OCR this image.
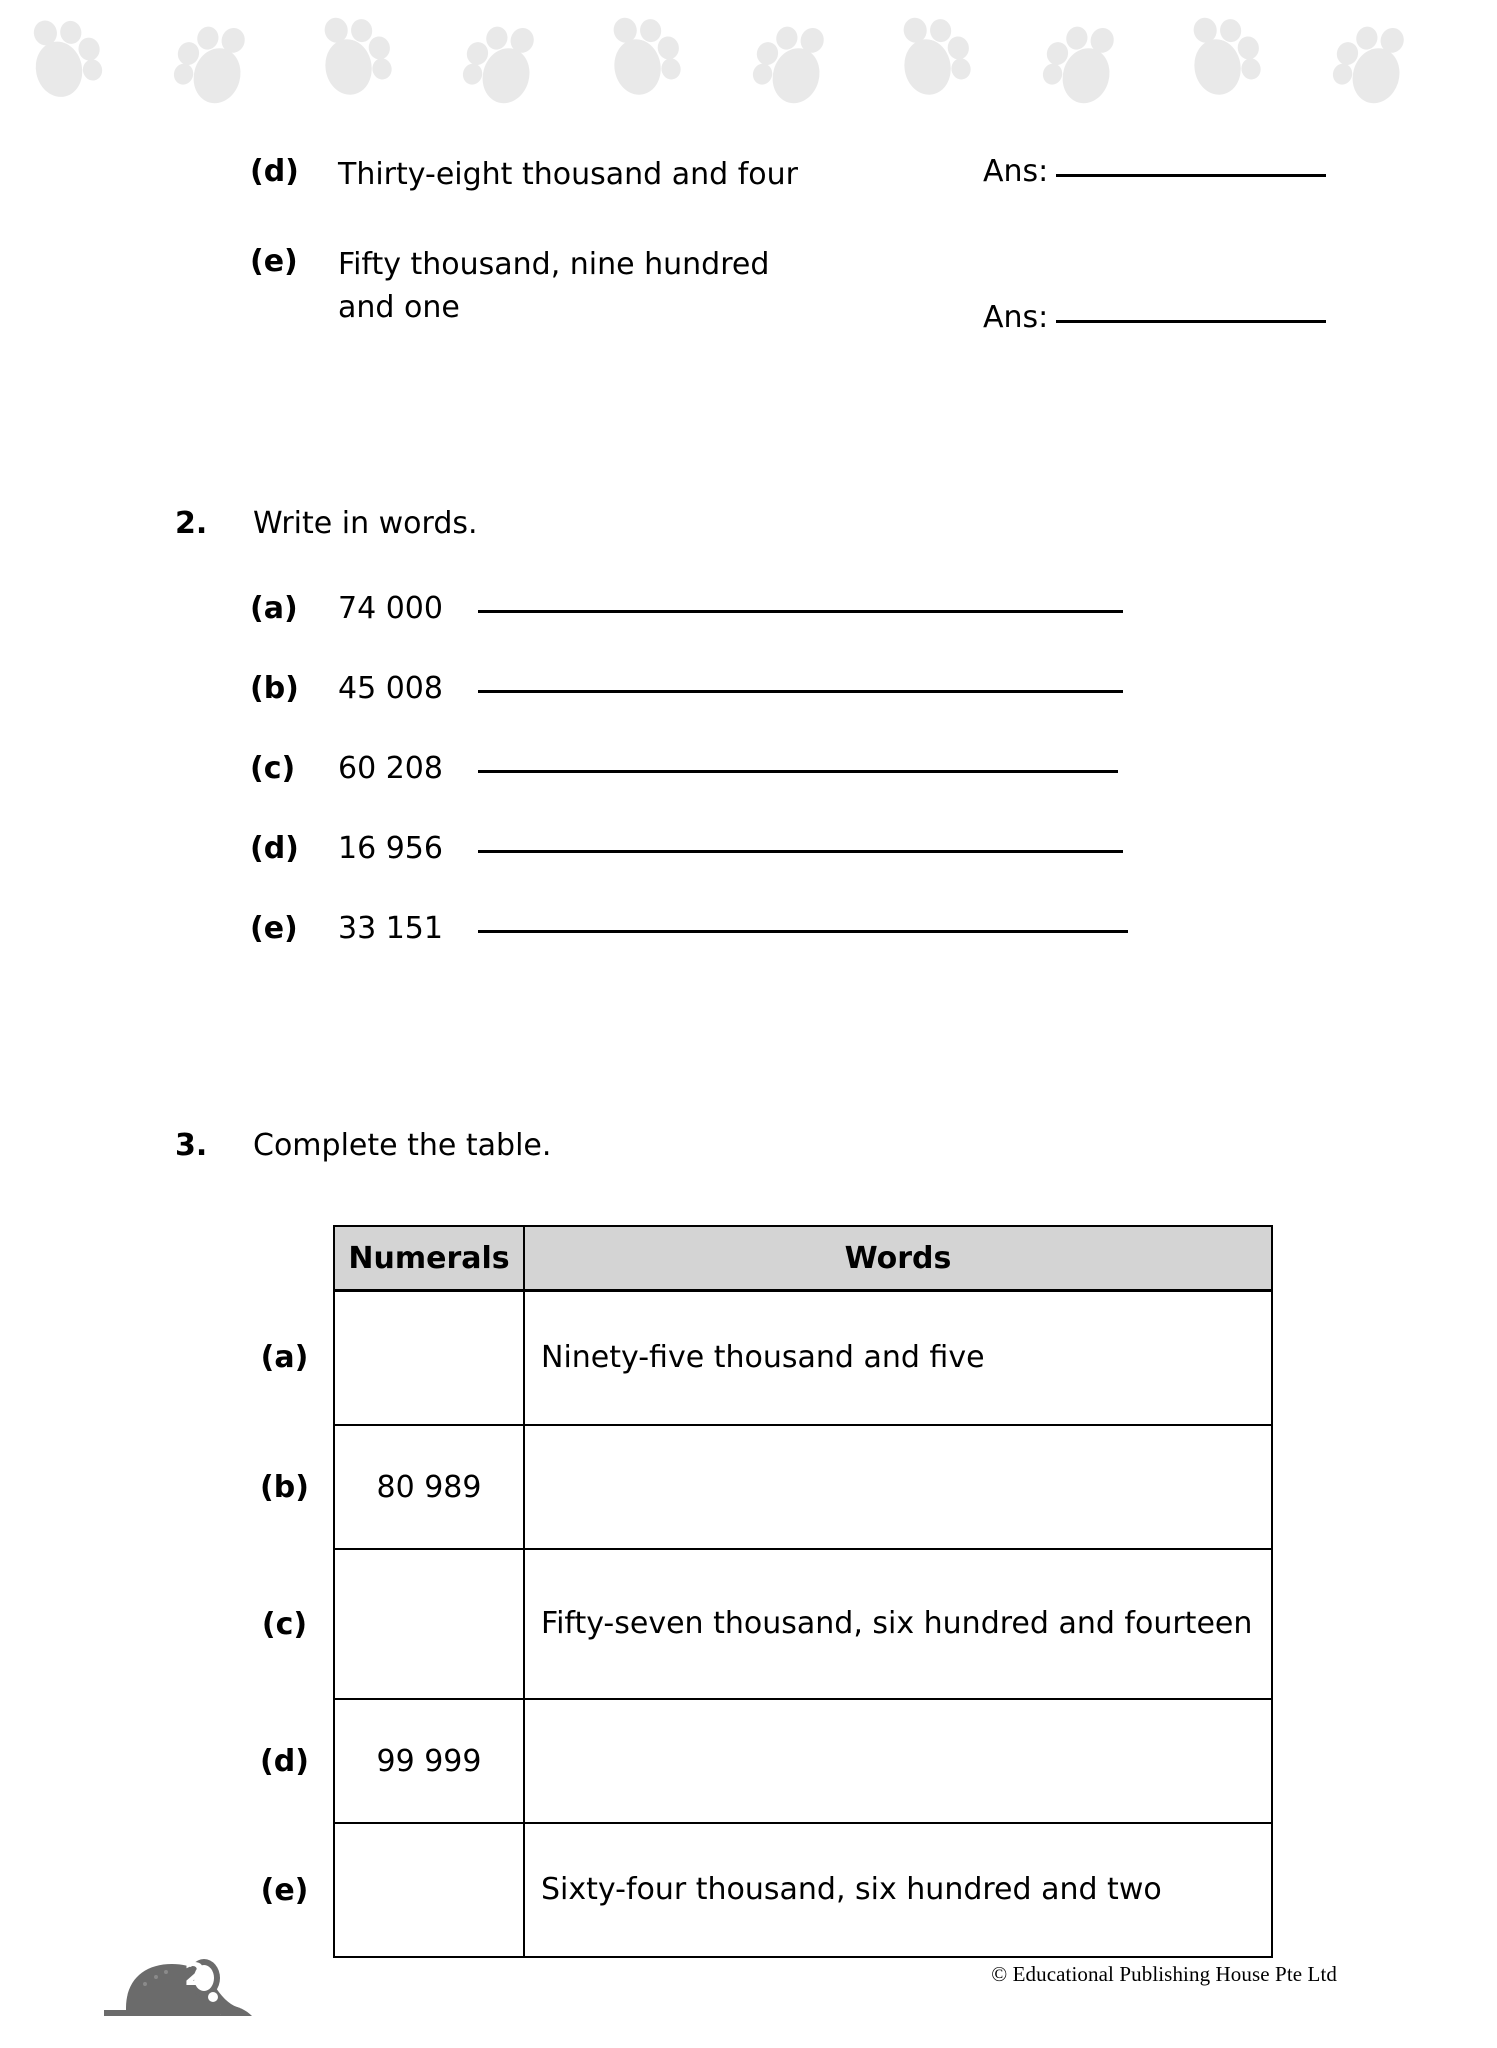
(d)	Thirty-eight thousand and four	Ans:
(e)	Fifty thousand, nine hundred
and one	Ans:
2.	Write in words.
(a)	74 000
(b)	45 008
(c)	60 208
(d)	16 956
(e)	33 151
3.	Complete the table.
	Numerals	Words
(a)		Ninety-five thousand and five
(b)	80 989	
(c)		Fifty-seven thousand, six hundred and fourteen
(d)	99 999	
(e)		Sixty-four thousand, six hundred and two
2	© Educational Publishing House Pte Ltd
